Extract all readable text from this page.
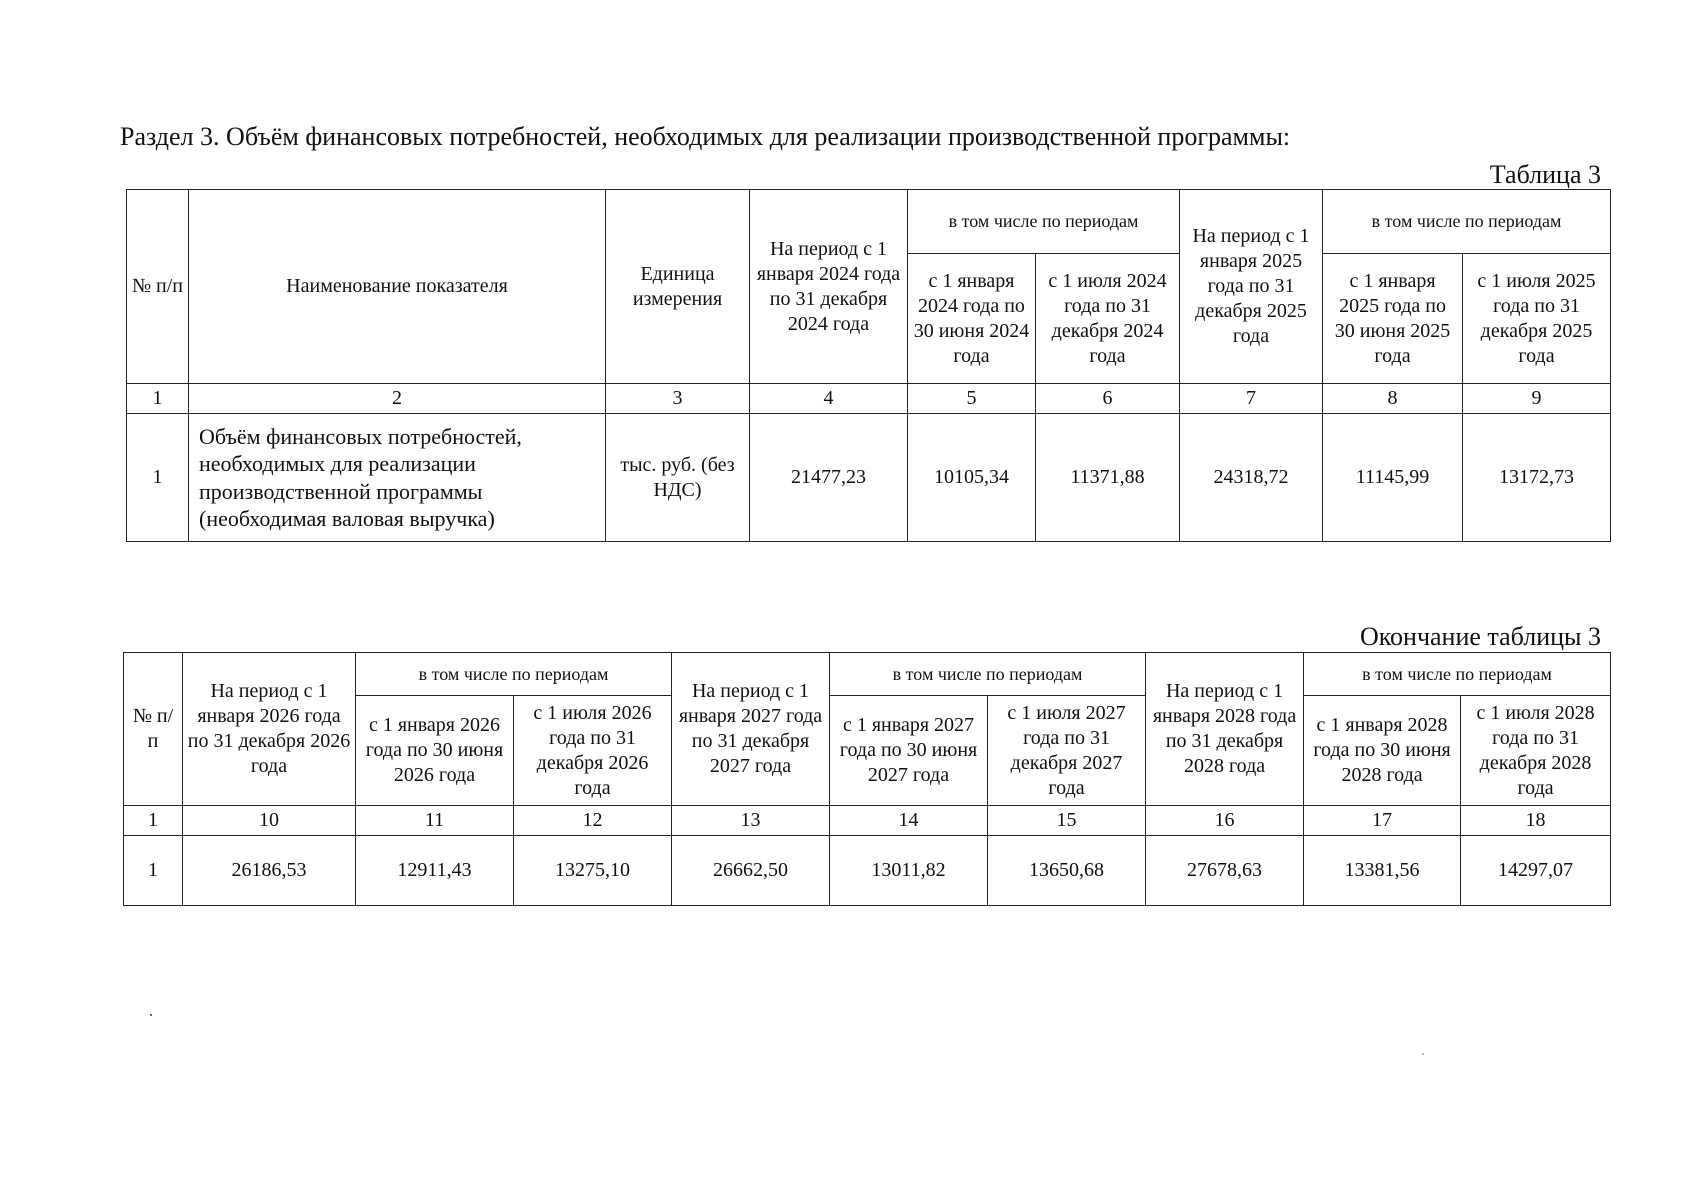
Раздел 3. Объём финансовых потребностей, необходимых для реализации производственной программы:
Таблица 3
№ п/п	Наименование показателя	Единица измерения	На период с 1 января 2024 года по 31 декабря 2024 года	в том числе по периодам		На период с 1 января 2025 года по 31 декабря 2025 года	в том числе по периодам	
				с 1 января 2024 года по 30 июня 2024 года	с 1 июля 2024 года по 31 декабря 2024 года		с 1 января 2025 года по 30 июня 2025 года	с 1 июля 2025 года по 31 декабря 2025 года
1	2	3	4	5	6	7	8	9
1	Объём финансовых потребностей, необходимых для реализации производственной программы (необходимая валовая выручка)	тыс. руб. (без НДС)	21477,23	10105,34	11371,88	24318,72	11145,99	13172,73
Окончание таблицы 3
№ п/п	На период с 1 января 2026 года по 31 декабря 2026 года	в том числе по периодам		На период с 1 января 2027 года по 31 декабря 2027 года	в том числе по периодам		На период с 1 января 2028 года по 31 декабря 2028 года	в том числе по периодам	
		с 1 января 2026 года по 30 июня 2026 года	с 1 июля 2026 года по 31 декабря 2026 года		с 1 января 2027 года по 30 июня 2027 года	с 1 июля 2027 года по 31 декабря 2027 года		с 1 января 2028 года по 30 июня 2028 года	с 1 июля 2028 года по 31 декабря 2028 года
1	10	11	12	13	14	15	16	17	18
1	26186,53	12911,43	13275,10	26662,50	13011,82	13650,68	27678,63	13381,56	14297,07
